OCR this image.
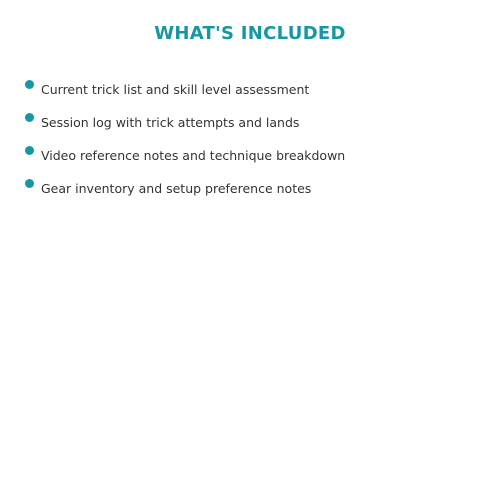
WHAT'S INCLUDED
Current trick list and skill level assessment
Session log with trick attempts and lands
Video reference notes and technique breakdown
Gear inventory and setup preference notes
